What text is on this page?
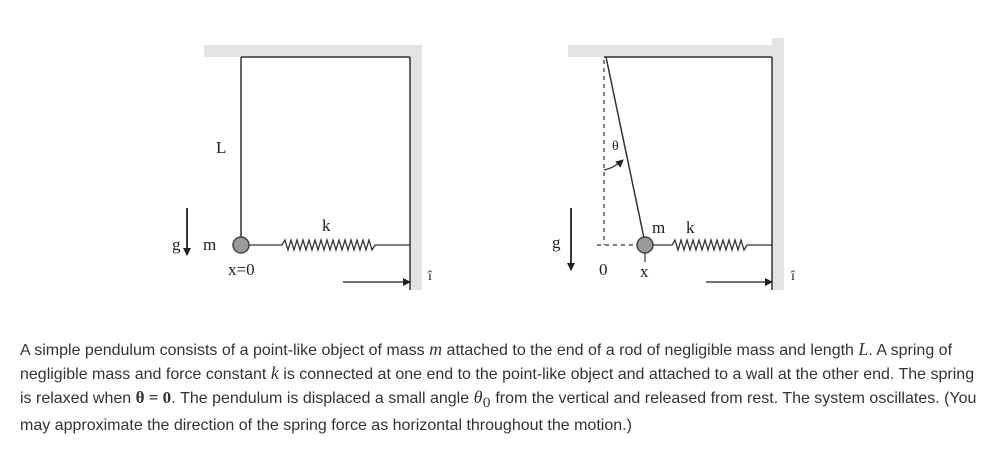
L
g m
k
x=0	î
θ
g
m k
0 x	î

A simple pendulum consists of a point-like object of mass m attached to the end of a rod of negligible mass and length L. A spring of negligible mass and force constant k is connected at one end to the point-like object and attached to a wall at the other end. The spring is relaxed when θ = 0. The pendulum is displaced a small angle $\theta_0$ from the vertical and released from rest. The system oscillates. (You may approximate the direction of the spring force as horizontal throughout the motion.)
